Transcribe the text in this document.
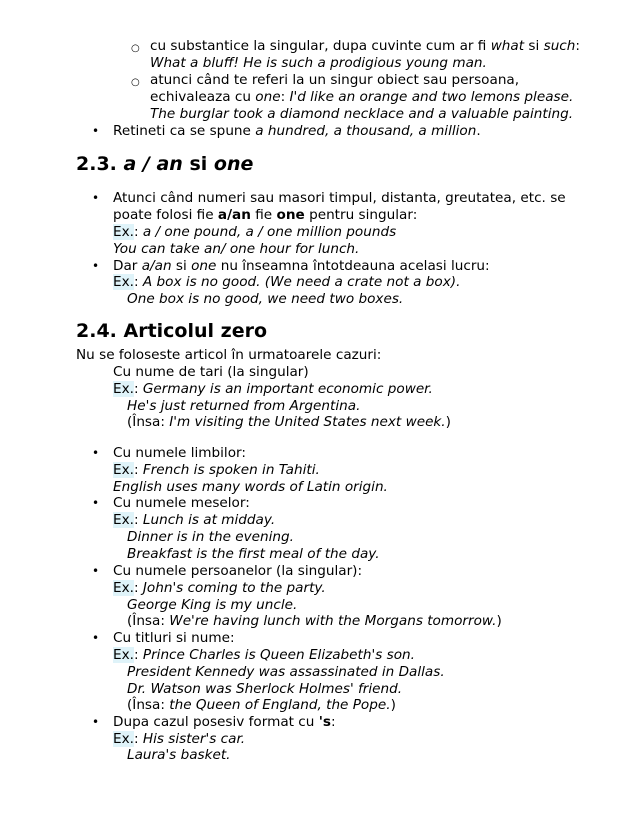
○ cu substantice la singular, dupa cuvinte cum ar fi what si such:
What a bluff! He is such a prodigious young man.
○ atunci când te referi la un singur obiect sau persoana,
echivaleaza cu one: I'd like an orange and two lemons please.
The burglar took a diamond necklace and a valuable painting.
• Retineti ca se spune a hundred, a thousand, a million.
2.3. a / an si one
• Atunci când numeri sau masori timpul, distanta, greutatea, etc. se
poate folosi fie a/an fie one pentru singular:
Ex.: a / one pound, a / one million pounds
You can take an/ one hour for lunch.
• Dar a/an si one nu înseamna întotdeauna acelasi lucru:
Ex.: A box is no good. (We need a crate not a box).
One box is no good, we need two boxes.
2.4. Articolul zero
Nu se foloseste articol în urmatoarele cazuri:
Cu nume de tari (la singular)
Ex.: Germany is an important economic power.
He's just returned from Argentina.
(Însa: I'm visiting the United States next week.)
• Cu numele limbilor:
Ex.: French is spoken in Tahiti.
English uses many words of Latin origin.
• Cu numele meselor:
Ex.: Lunch is at midday.
Dinner is in the evening.
Breakfast is the first meal of the day.
• Cu numele persoanelor (la singular):
Ex.: John's coming to the party.
George King is my uncle.
(Însa: We're having lunch with the Morgans tomorrow.)
• Cu titluri si nume:
Ex.: Prince Charles is Queen Elizabeth's son.
President Kennedy was assassinated in Dallas.
Dr. Watson was Sherlock Holmes' friend.
(Însa: the Queen of England, the Pope.)
• Dupa cazul posesiv format cu 's:
Ex.: His sister's car.
Laura's basket.
